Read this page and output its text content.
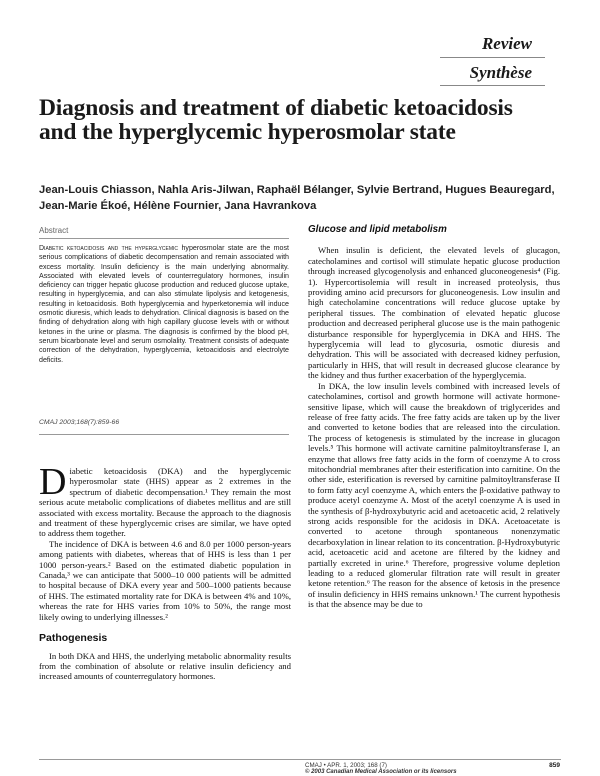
Review
Synthèse
Diagnosis and treatment of diabetic ketoacidosis and the hyperglycemic hyperosmolar state
Jean-Louis Chiasson, Nahla Aris-Jilwan, Raphaël Bélanger, Sylvie Bertrand, Hugues Beauregard, Jean-Marie Ékoé, Hélène Fournier, Jana Havrankova
Abstract
Diabetic ketoacidosis and the hyperglycemic hyperosmolar state are the most serious complications of diabetic decompensation and remain associated with excess mortality. Insulin deficiency is the main underlying abnormality. Associated with elevated levels of counterregulatory hormones, insulin deficiency can trigger hepatic glucose production and reduced glucose uptake, resulting in hyperglycemia, and can also stimulate lipolysis and ketogenesis, resulting in ketoacidosis. Both hyperglycemia and hyperketonemia will induce osmotic diuresis, which leads to dehydration. Clinical diagnosis is based on the finding of dehydration along with high capillary glucose levels with or without ketones in the urine or plasma. The diagnosis is confirmed by the blood pH, serum bicarbonate level and serum osmolality. Treatment consists of adequate correction of the dehydration, hyperglycemia, ketoacidosis and electrolyte deficits.
CMAJ 2003;168(7):859-66

Diabetic ketoacidosis (DKA) and the hyperglycemic hyperosmolar state (HHS) appear as 2 extremes in the spectrum of diabetic decompensation.¹ They remain the most serious acute metabolic complications of diabetes mellitus and are still associated with excess mortality. Because the approach to the diagnosis and treatment of these hyperglycemic crises are similar, we have opted to address them together.

The incidence of DKA is between 4.6 and 8.0 per 1000 person-years among patients with diabetes, whereas that of HHS is less than 1 per 1000 person-years.² Based on the estimated diabetic population in Canada,³ we can anticipate that 5000–10 000 patients will be admitted to hospital because of DKA every year and 500–1000 patients because of HHS. The estimated mortality rate for DKA is between 4% and 10%, whereas the rate for HHS varies from 10% to 50%, the range most likely owing to underlying illnesses.²

Pathogenesis

In both DKA and HHS, the underlying metabolic abnormality results from the combination of absolute or relative insulin deficiency and increased amounts of counterregulatory hormones.

Glucose and lipid metabolism

When insulin is deficient, the elevated levels of glucagon, catecholamines and cortisol will stimulate hepatic glucose production through increased glycogenolysis and enhanced gluconeogenesis⁴ (Fig. 1). Hypercortisolemia will result in increased proteolysis, thus providing amino acid precursors for gluconeogenesis. Low insulin and high catecholamine concentrations will reduce glucose uptake by peripheral tissues. The combination of elevated hepatic glucose production and decreased peripheral glucose use is the main pathogenic disturbance responsible for hyperglycemia in DKA and HHS. The hyperglycemia will lead to glycosuria, osmotic diuresis and dehydration. This will be associated with decreased kidney perfusion, particularly in HHS, that will result in decreased glucose clearance by the kidney and thus further exacerbation of the hyperglycemia.

In DKA, the low insulin levels combined with increased levels of catecholamines, cortisol and growth hormone will activate hormone-sensitive lipase, which will cause the breakdown of triglycerides and release of free fatty acids. The free fatty acids are taken up by the liver and converted to ketone bodies that are released into the circulation. The process of ketogenesis is stimulated by the increase in glucagon levels.⁵ This hormone will activate carnitine palmitoyltransferase I, an enzyme that allows free fatty acids in the form of coenzyme A to cross mitochondrial membranes after their esterification into carnitine. On the other side, esterification is reversed by carnitine palmitoyltransferase II to form fatty acyl coenzyme A, which enters the β-oxidative pathway to produce acetyl coenzyme A. Most of the acetyl coenzyme A is used in the synthesis of β-hydroxybutyric acid and acetoacetic acid, 2 relatively strong acids responsible for the acidosis in DKA. Acetoacetate is converted to acetone through spontaneous nonenzymatic decarboxylation in linear relation to its concentration. β-Hydroxybutyric acid, acetoacetic acid and acetone are filtered by the kidney and partially excreted in urine.⁶ Therefore, progressive volume depletion leading to a reduced glomerular filtration rate will result in greater ketone retention.⁶ The reason for the absence of ketosis in the presence of insulin deficiency in HHS remains unknown.¹ The current hypothesis is that the absence may be due to

CMAJ • APR. 1, 2003; 168 (7)	859
© 2003 Canadian Medical Association or its licensors
